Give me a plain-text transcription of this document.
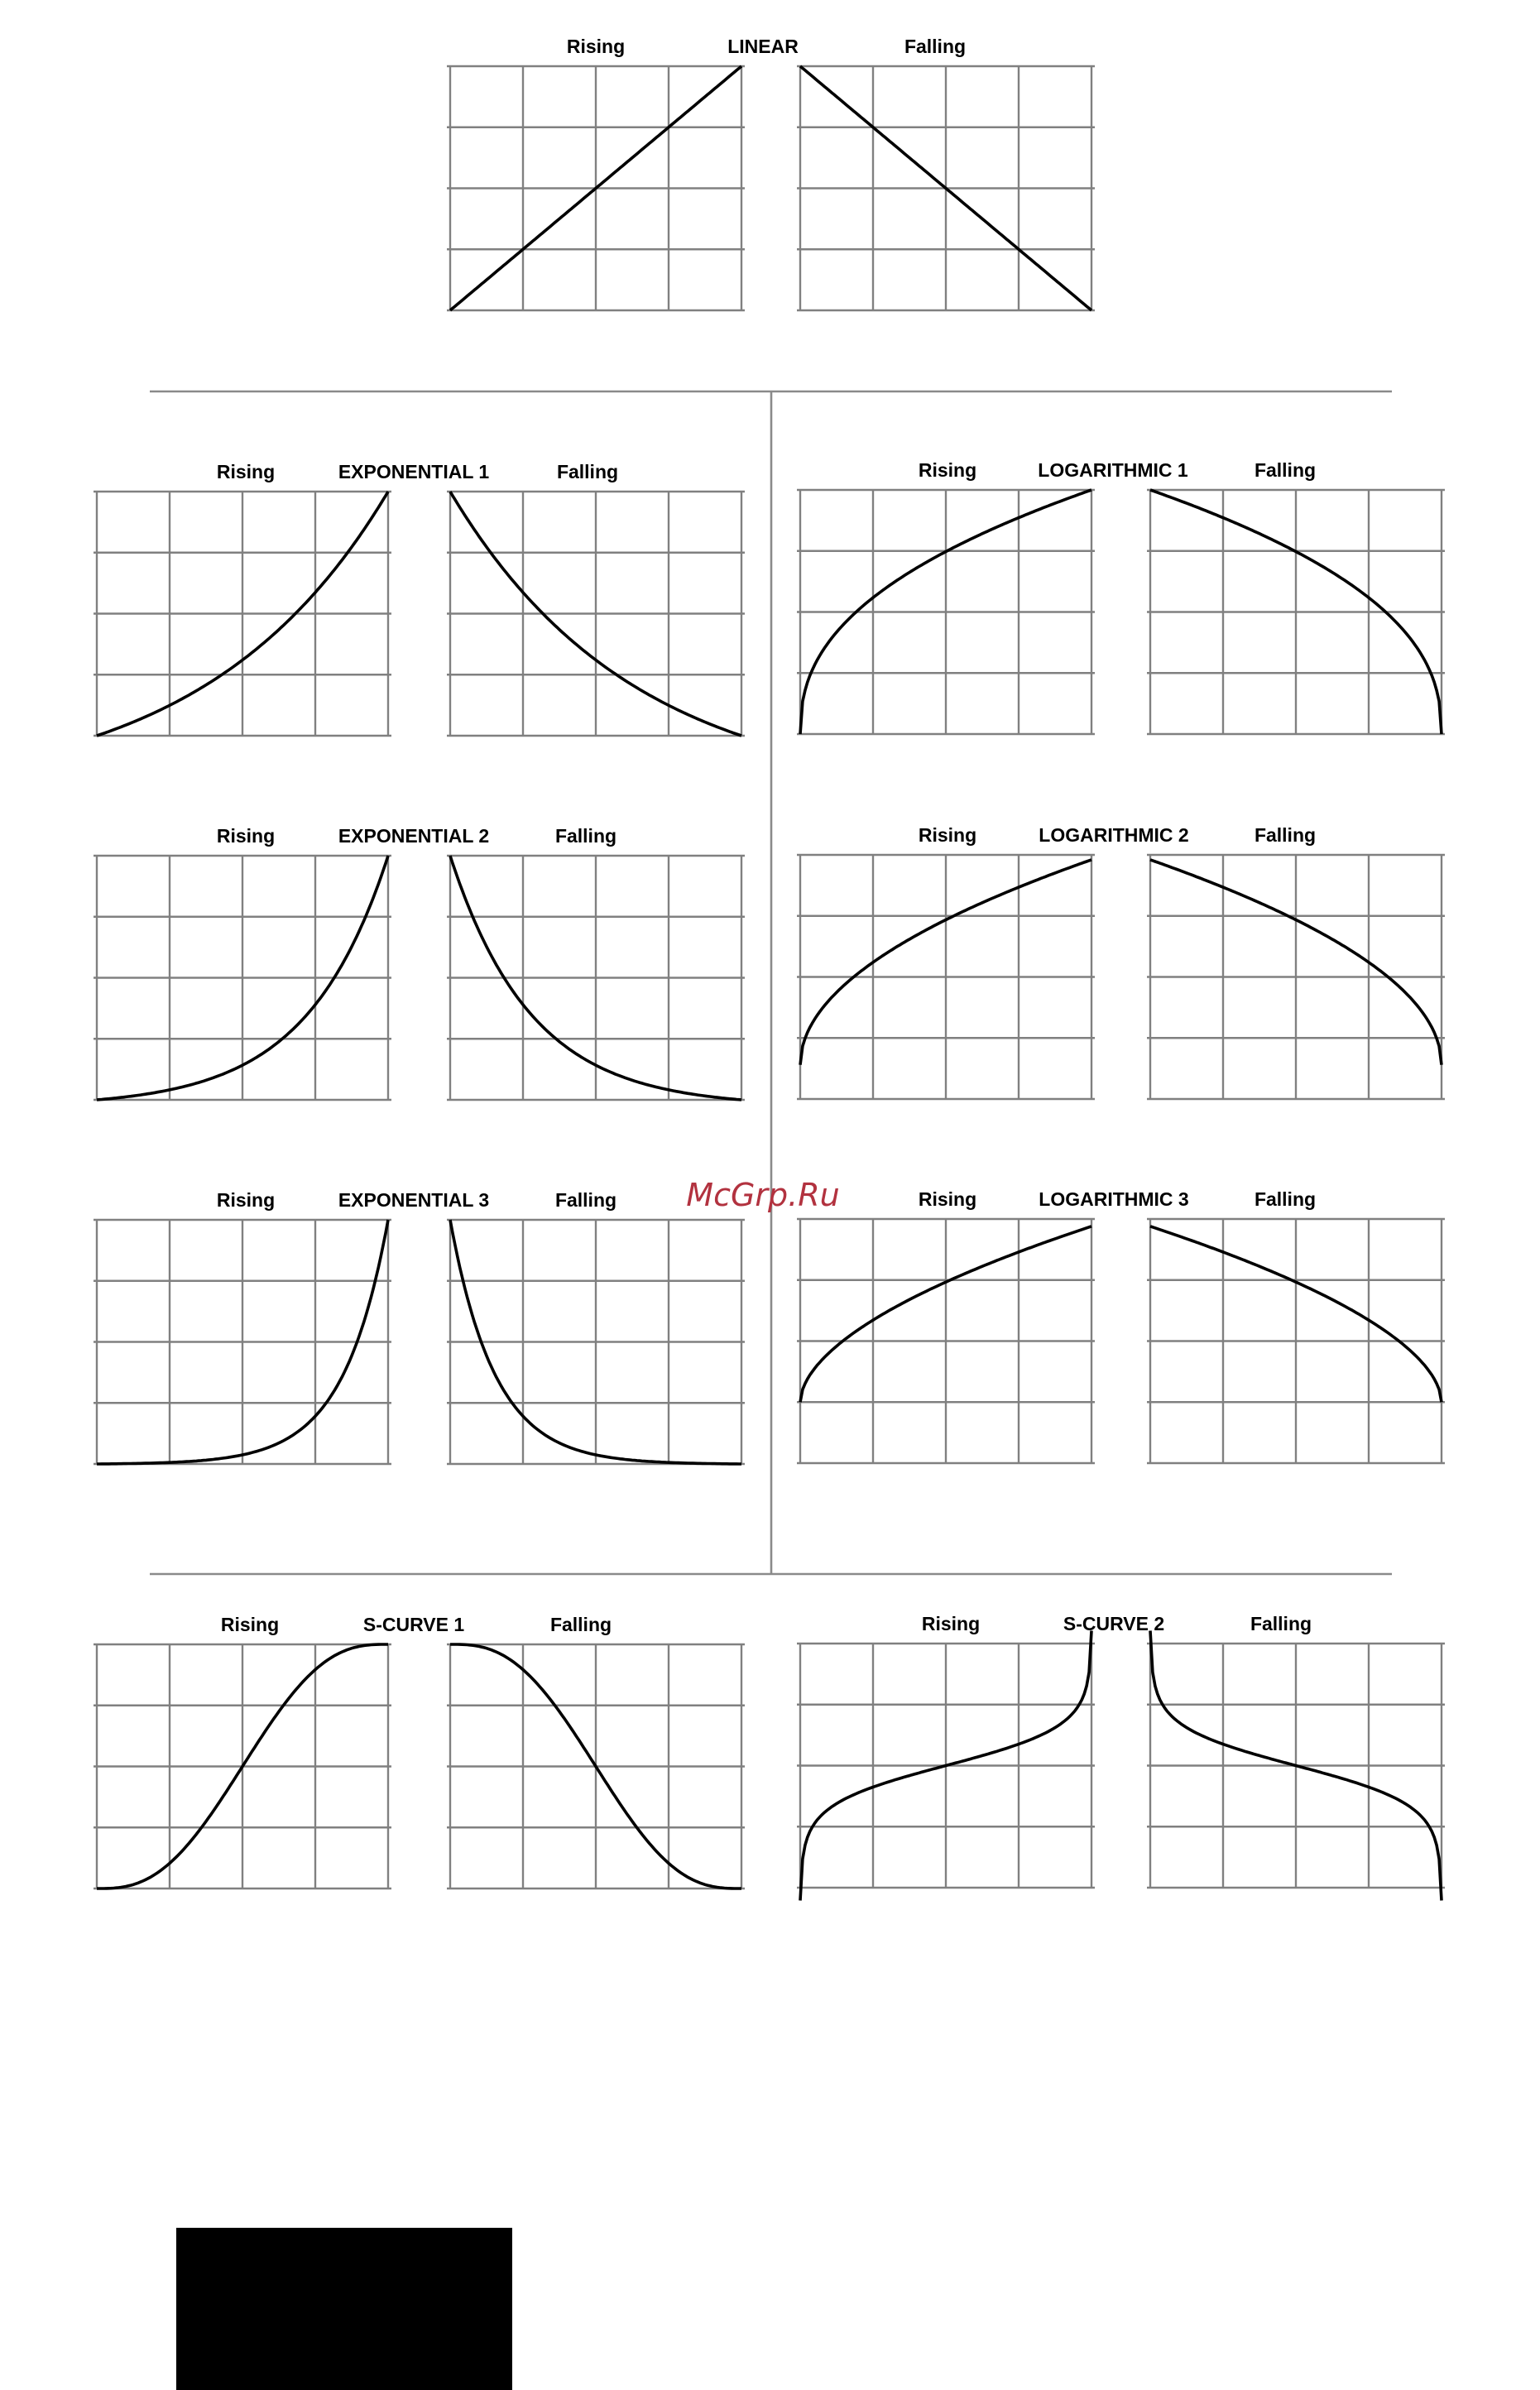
Rising	LINEAR	Falling
Rising	EXPONENTIAL 1	Falling	Rising	LOGARITHMIC 1	Falling
Rising	EXPONENTIAL 2	Falling	Rising	LOGARITHMIC 2	Falling
Rising	EXPONENTIAL 3	Falling	Rising	LOGARITHMIC 3	Falling
Rising	S-CURVE 1	Falling	Rising	S-CURVE 2	Falling
McGrp.Ru
